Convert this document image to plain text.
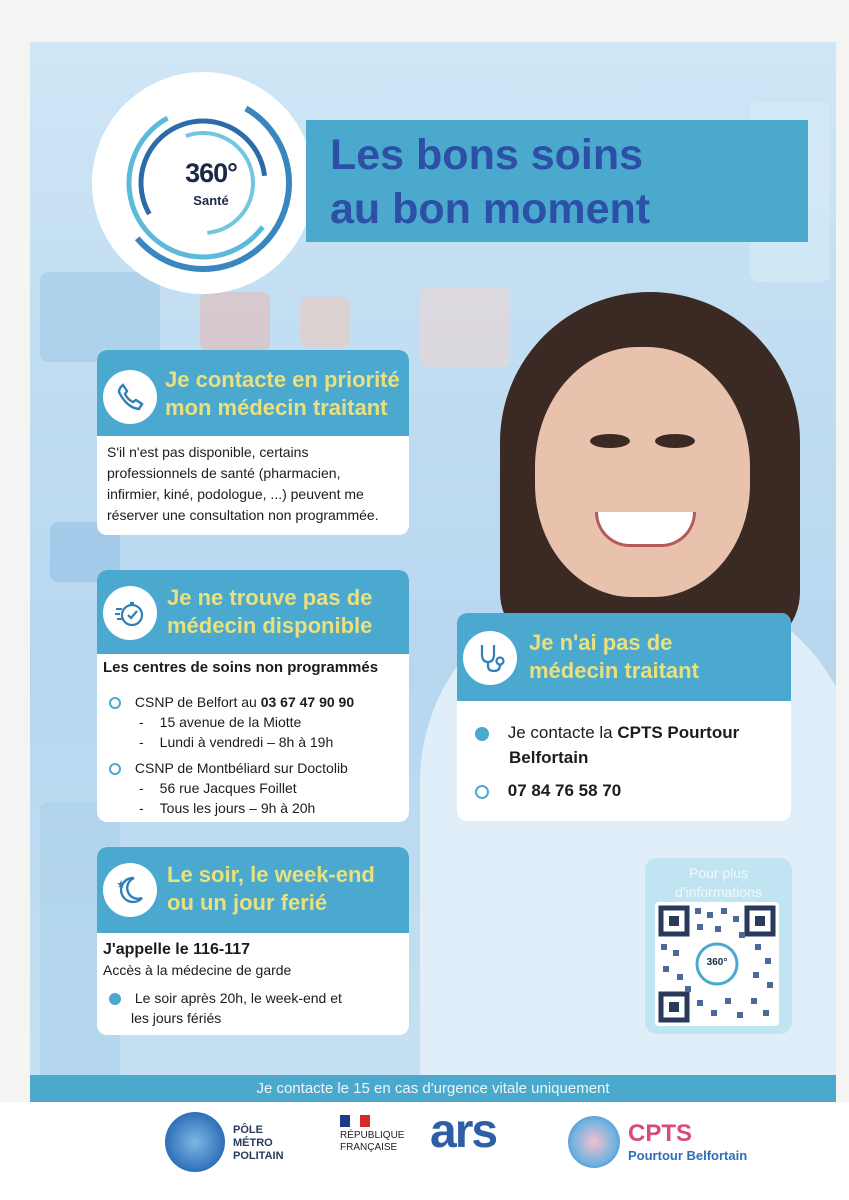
Je contacte le 15 en cas d'urgence vitale uniquement
360°
Santé
Les bons soins
au bon moment
Je contacte en priorité
mon médecin traitant
S'il n'est pas disponible, certains
professionnels de santé (pharmacien,
infirmier, kiné, podologue, ...) peuvent me
réserver une consultation non programmée.
Je ne trouve pas de
médecin disponible
Les centres de soins non programmés
CSNP de Belfort au 03 67 47 90 90
- 15 avenue de la Miotte
- Lundi à vendredi – 8h à 19h
CSNP de Montbéliard sur Doctolib
- 56 rue Jacques Foillet
- Tous les jours – 9h à 20h
Le soir, le week-end
ou un jour ferié
J'appelle le 116-117
Accès à la médecine de garde
Le soir après 20h, le week-end et
les jours fériés
Je n'ai pas de
médecin traitant
Je contacte la CPTS Pourtour
Belfortain
07 84 76 58 70
Pour plus
d'informations
360°
PÔLE
MÉTRO
POLITAIN
RÉPUBLIQUE
FRANÇAISE ars	CPTS
Pourtour Belfortain
